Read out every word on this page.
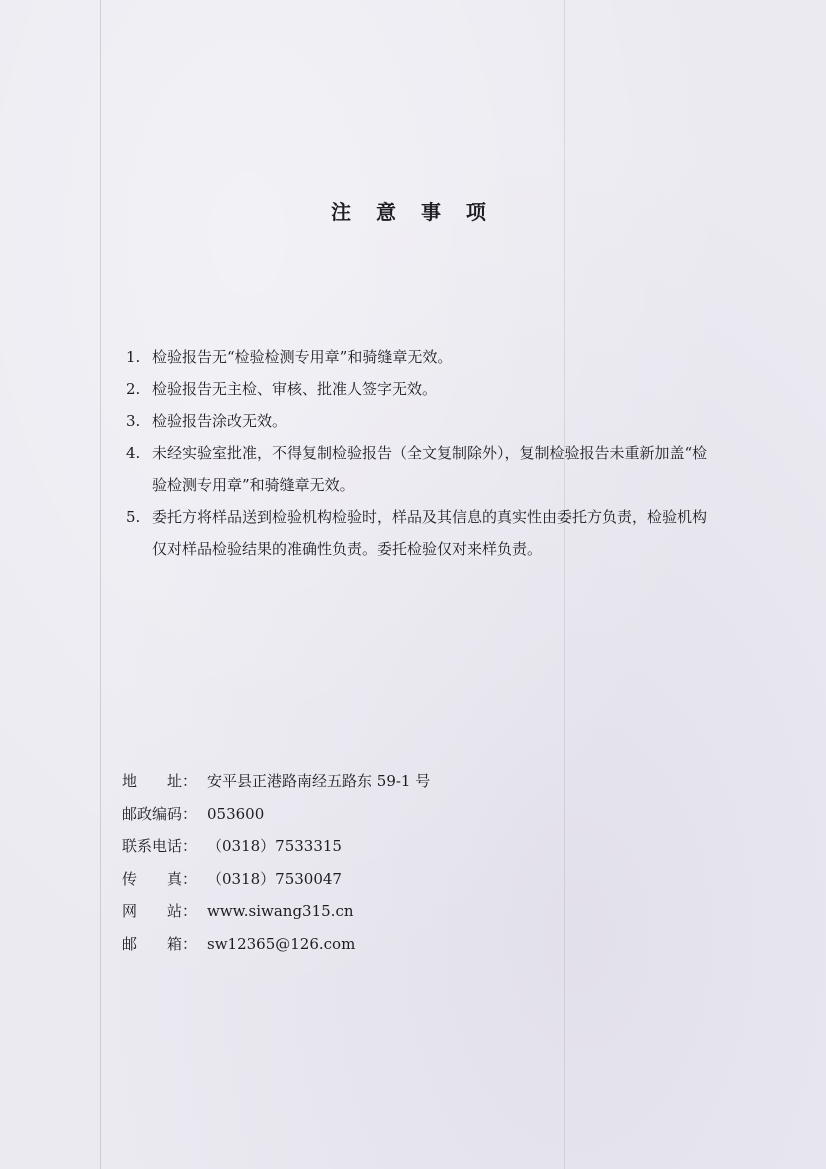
注 意 事 项
1. 检验报告无“检验检测专用章”和骑缝章无效。
2. 检验报告无主检、审核、批准人签字无效。
3. 检验报告涂改无效。
4. 未经实验室批准，不得复制检验报告（全文复制除外），复制检验报告未重新加盖“检验检测专用章”和骑缝章无效。
5. 委托方将样品送到检验机构检验时，样品及其信息的真实性由委托方负责，检验机构仅对样品检验结果的准确性负责。委托检验仅对来样负责。
地　　址： 安平县正港路南经五路东 59-1 号
邮政编码： 053600
联系电话： （0318）7533315
传　　真： （0318）7530047
网　　站： www.siwang315.cn
邮　　箱： sw12365@126.com
